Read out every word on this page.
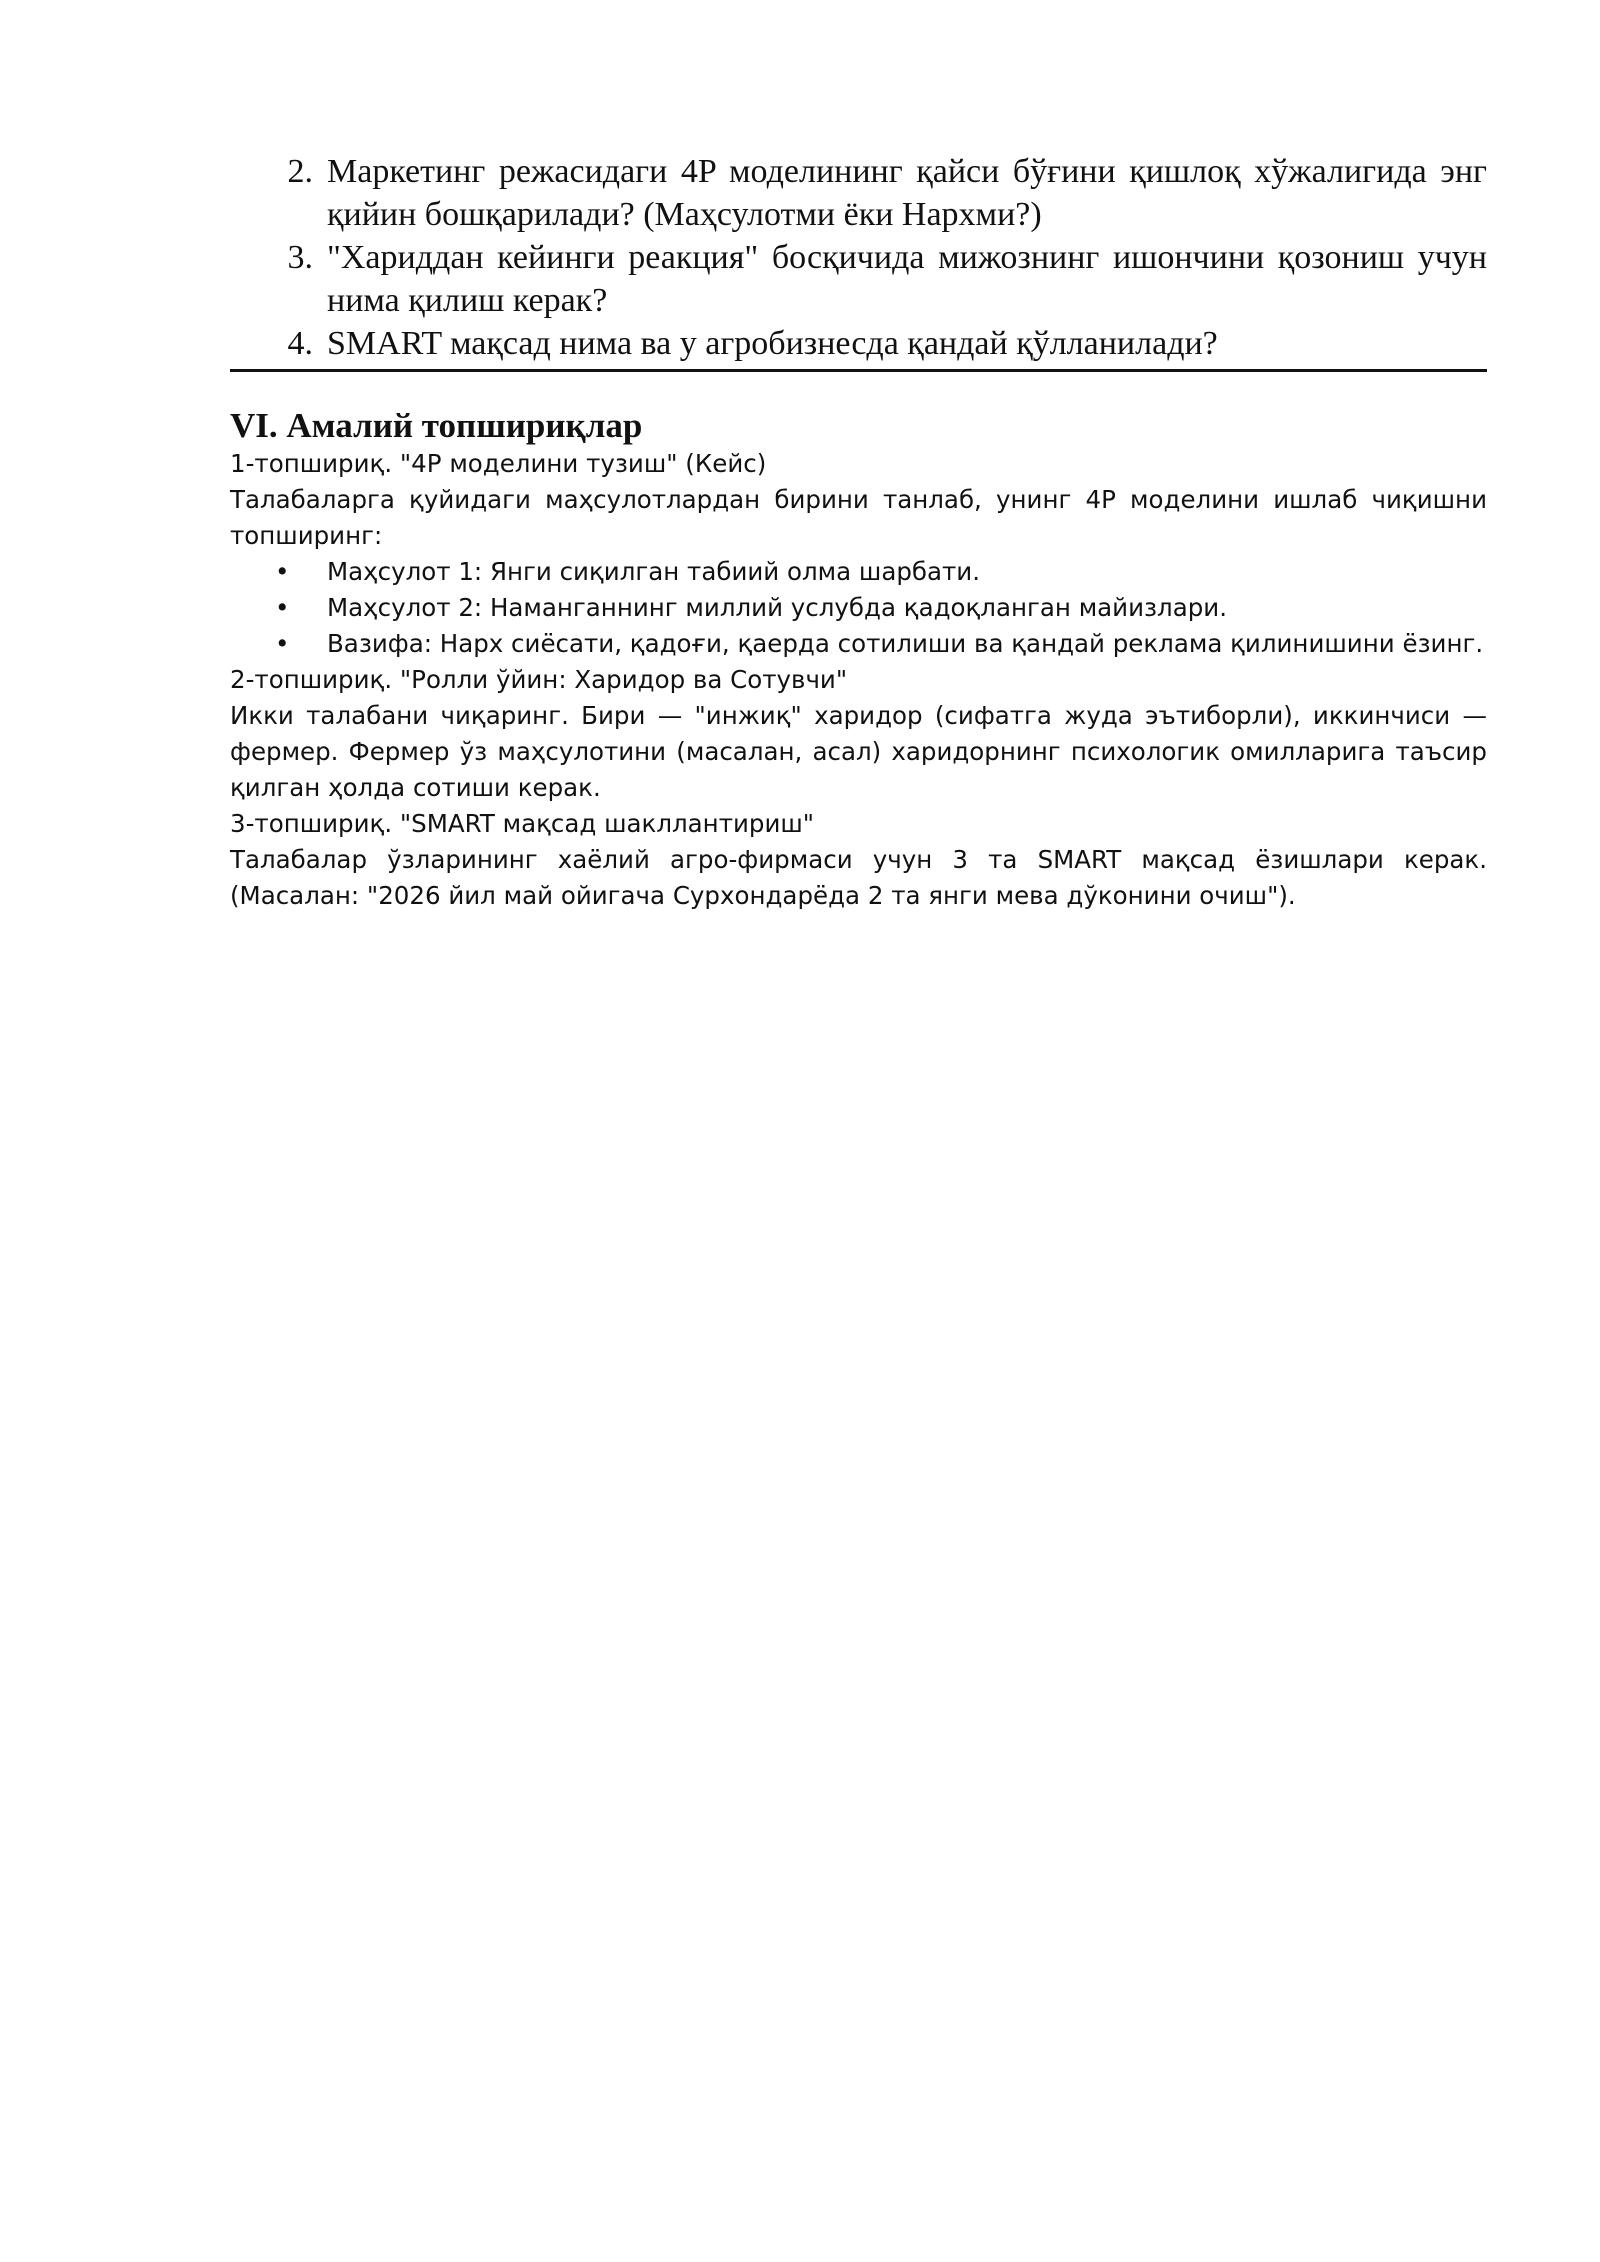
2. Маркетинг режасидаги 4P моделининг қайси бўғини қишлоқ хўжалигида энг қийин бошқарилади? (Маҳсулотми ёки Нархми?)
3. "Хариддан кейинги реакция" босқичида мижознинг ишончини қозониш учун нима қилиш керак?
4. SMART мақсад нима ва у агробизнесда қандай қўлланилади?
VI. Амалий топшириқлар
1-топшириқ. "4P моделини тузиш" (Кейс)
Талабаларга қуйидаги маҳсулотлардан бирини танлаб, унинг 4P моделини ишлаб чиқишни топширинг:
•	Маҳсулот 1: Янги сиқилган табиий олма шарбати.
•	Маҳсулот 2: Наманганнинг миллий услубда қадоқланган майизлари.
•	Вазифа: Нарх сиёсати, қадоғи, қаерда сотилиши ва қандай реклама қилинишини ёзинг.
2-топшириқ. "Ролли ўйин: Харидор ва Сотувчи"
Икки талабани чиқаринг. Бири — "инжиқ" харидор (сифатга жуда эътиборли), иккинчиси — фермер. Фермер ўз маҳсулотини (масалан, асал) харидорнинг психологик омилларига таъсир қилган ҳолда сотиши керак.
3-топшириқ. "SMART мақсад шакллантириш"
Талабалар ўзларининг хаёлий агро-фирмаси учун 3 та SMART мақсад ёзишлари керак. (Масалан: "2026 йил май ойигача Сурхондарёда 2 та янги мева дўконини очиш").
